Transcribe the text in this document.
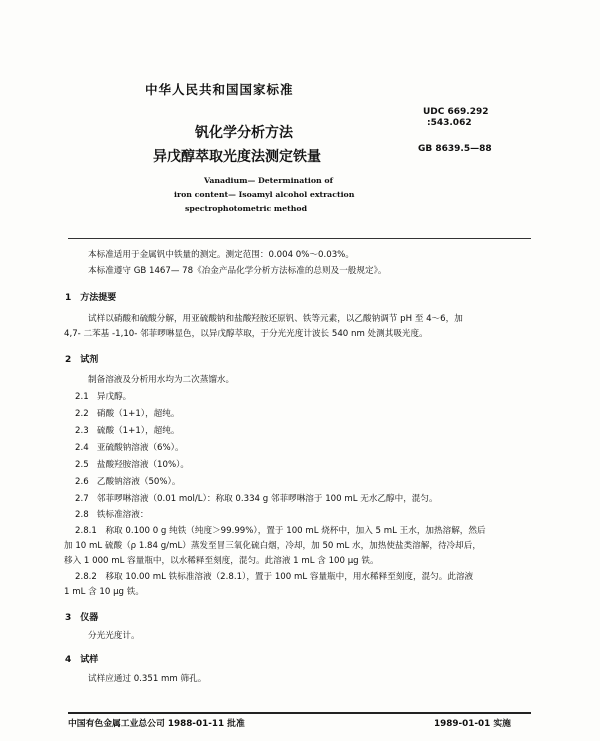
中华人民共和国国家标准
UDC 669.292
:543.062
GB 8639.5—88
钒化学分析方法
异戊醇萃取光度法测定铁量
Vanadium— Determination of
iron content— Isoamyl alcohol extraction
spectrophotometric method
本标准适用于金属钒中铁量的测定。测定范围：0.004 0%～0.03%。
本标准遵守 GB 1467— 78《冶金产品化学分析方法标准的总则及一般规定》。
1　方法提要
试样以硝酸和硫酸分解，用亚硫酸钠和盐酸羟胺还原钒、铁等元素，以乙酸钠调节 pH 至 4～6，加
4,7- 二苯基 -1,10- 邻菲啰啉显色，以异戊醇萃取，于分光光度计波长 540 nm 处测其吸光度。
2　试剂
制备溶液及分析用水均为二次蒸馏水。
2.1 异戊醇。
2.2 硝酸（1+1），超纯。
2.3 硫酸（1+1），超纯。
2.4 亚硫酸钠溶液（6%）。
2.5 盐酸羟胺溶液（10%）。
2.6 乙酸钠溶液（50%）。
2.7 邻菲啰啉溶液（0.01 mol/L）：称取 0.334 g 邻菲啰啉溶于 100 mL 无水乙醇中，混匀。
2.8 铁标准溶液：
2.8.1　称取 0.100 0 g 纯铁（纯度＞99.99%），置于 100 mL 烧杯中，加入 5 mL 王水，加热溶解，然后
加 10 mL 硫酸（ρ 1.84 g/mL）蒸发至冒三氧化硫白烟，冷却，加 50 mL 水，加热使盐类溶解，待冷却后，
移入 1 000 mL 容量瓶中，以水稀释至刻度，混匀。此溶液 1 mL 含 100 μg 铁。
2.8.2　移取 10.00 mL 铁标准溶液（2.8.1），置于 100 mL 容量瓶中，用水稀释至刻度，混匀。此溶液
1 mL 含 10 μg 铁。
3　仪器
分光光度计。
4　试样
试样应通过 0.351 mm 筛孔。
中国有色金属工业总公司 1988-01-11 批准	1989-01-01 实施
